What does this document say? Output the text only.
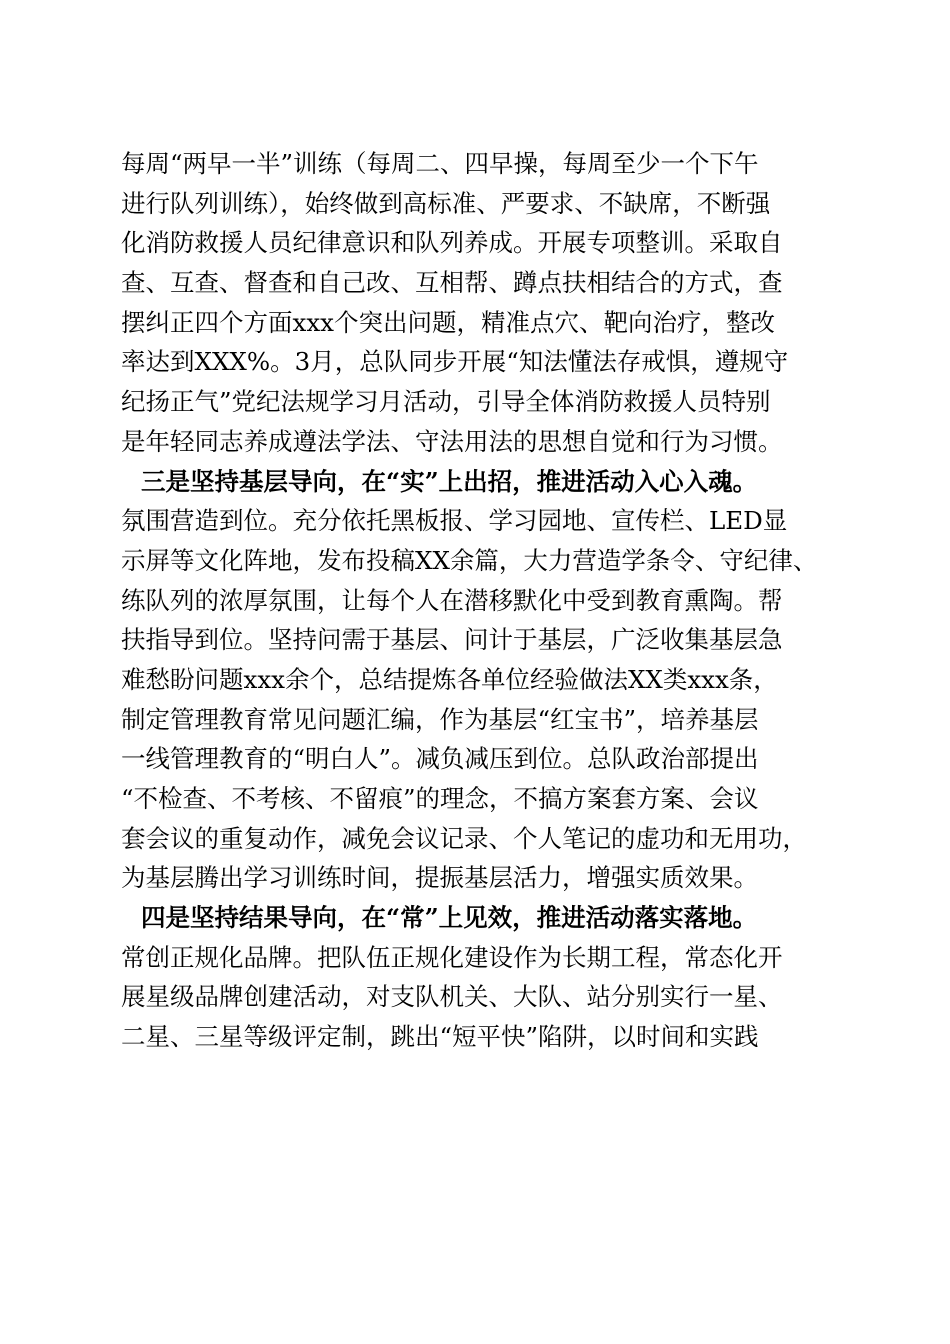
每周“两早一半”训练（每周二、四早操，每周至少一个下午
进行队列训练），始终做到高标准、严要求、不缺席，不断强
化消防救援人员纪律意识和队列养成。开展专项整训。采取自
查、互查、督查和自己改、互相帮、蹲点扶相结合的方式，查
摆纠正四个方面xxx个突出问题，精准点穴、靶向治疗，整改
率达到XXX%。3月，总队同步开展“知法懂法存戒惧，遵规守
纪扬正气”党纪法规学习月活动，引导全体消防救援人员特别
是年轻同志养成遵法学法、守法用法的思想自觉和行为习惯。

三是坚持基层导向，在“实”上出招，推进活动入心入魂。
氛围营造到位。充分依托黑板报、学习园地、宣传栏、LED显
示屏等文化阵地，发布投稿XX余篇，大力营造学条令、守纪律、
练队列的浓厚氛围，让每个人在潜移默化中受到教育熏陶。帮
扶指导到位。坚持问需于基层、问计于基层，广泛收集基层急
难愁盼问题xxx余个，总结提炼各单位经验做法XX类xxx条，
制定管理教育常见问题汇编，作为基层“红宝书”，培养基层
一线管理教育的“明白人”。减负减压到位。总队政治部提出
“不检查、不考核、不留痕”的理念，不搞方案套方案、会议
套会议的重复动作，减免会议记录、个人笔记的虚功和无用功，
为基层腾出学习训练时间，提振基层活力，增强实质效果。

四是坚持结果导向，在“常”上见效，推进活动落实落地。
常创正规化品牌。把队伍正规化建设作为长期工程，常态化开
展星级品牌创建活动，对支队机关、大队、站分别实行一星、
二星、三星等级评定制，跳出“短平快”陷阱，以时间和实践
